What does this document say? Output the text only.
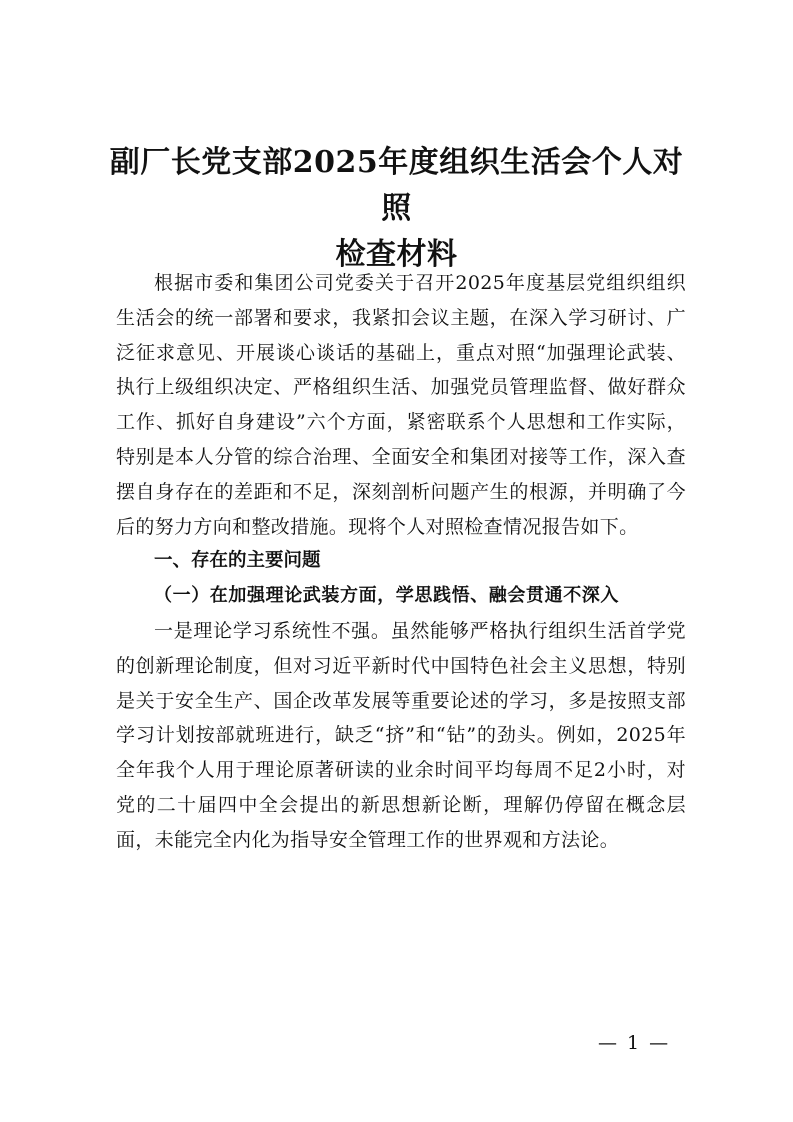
副厂长党支部2025年度组织生活会个人对照
检查材料

根据市委和集团公司党委关于召开2025年度基层党组织组织生活会的统一部署和要求，我紧扣会议主题，在深入学习研讨、广泛征求意见、开展谈心谈话的基础上，重点对照“加强理论武装、执行上级组织决定、严格组织生活、加强党员管理监督、做好群众工作、抓好自身建设”六个方面，紧密联系个人思想和工作实际，特别是本人分管的综合治理、全面安全和集团对接等工作，深入查摆自身存在的差距和不足，深刻剖析问题产生的根源，并明确了今后的努力方向和整改措施。现将个人对照检查情况报告如下。

一、存在的主要问题

（一）在加强理论武装方面，学思践悟、融会贯通不深入

一是理论学习系统性不强。虽然能够严格执行组织生活首学党的创新理论制度，但对习近平新时代中国特色社会主义思想，特别是关于安全生产、国企改革发展等重要论述的学习，多是按照支部学习计划按部就班进行，缺乏“挤”和“钻”的劲头。例如，2025年全年我个人用于理论原著研读的业余时间平均每周不足2小时，对党的二十届四中全会提出的新思想新论断，理解仍停留在概念层面，未能完全内化为指导安全管理工作的世界观和方法论。

— 1 —
